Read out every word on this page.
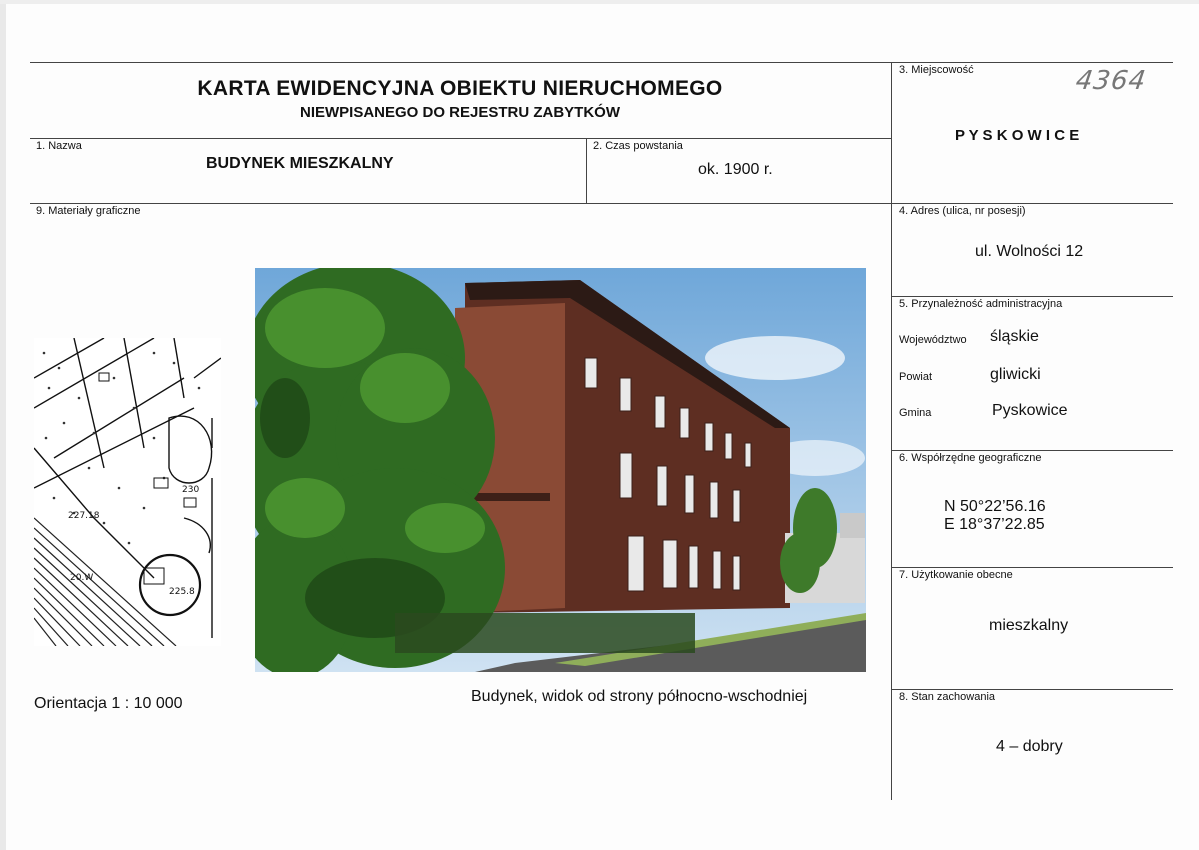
KARTA EWIDENCYJNA OBIEKTU NIERUCHOMEGO
NIEWPISANEGO DO REJESTRU ZABYTKÓW
4364
1. Nazwa
BUDYNEK MIESZKALNY
2. Czas powstania
ok. 1900 r.
3. Miejscowość
P Y S K O W I C E
4. Adres (ulica, nr posesji)
ul. Wolności 12
5. Przynależność administracyjna
Województwo śląskie
Powiat	gliwicki
Gmina	Pyskowice
6. Współrzędne geograficzne
N 50°22’56.16
E 18°37’22.85
7. Użytkowanie obecne
mieszkalny
8. Stan zachowania
4 – dobry
9. Materiały graficzne
230
227.18
225.8
20.W
Orientacja 1 : 10 000	Budynek, widok od strony północno-wschodniej
